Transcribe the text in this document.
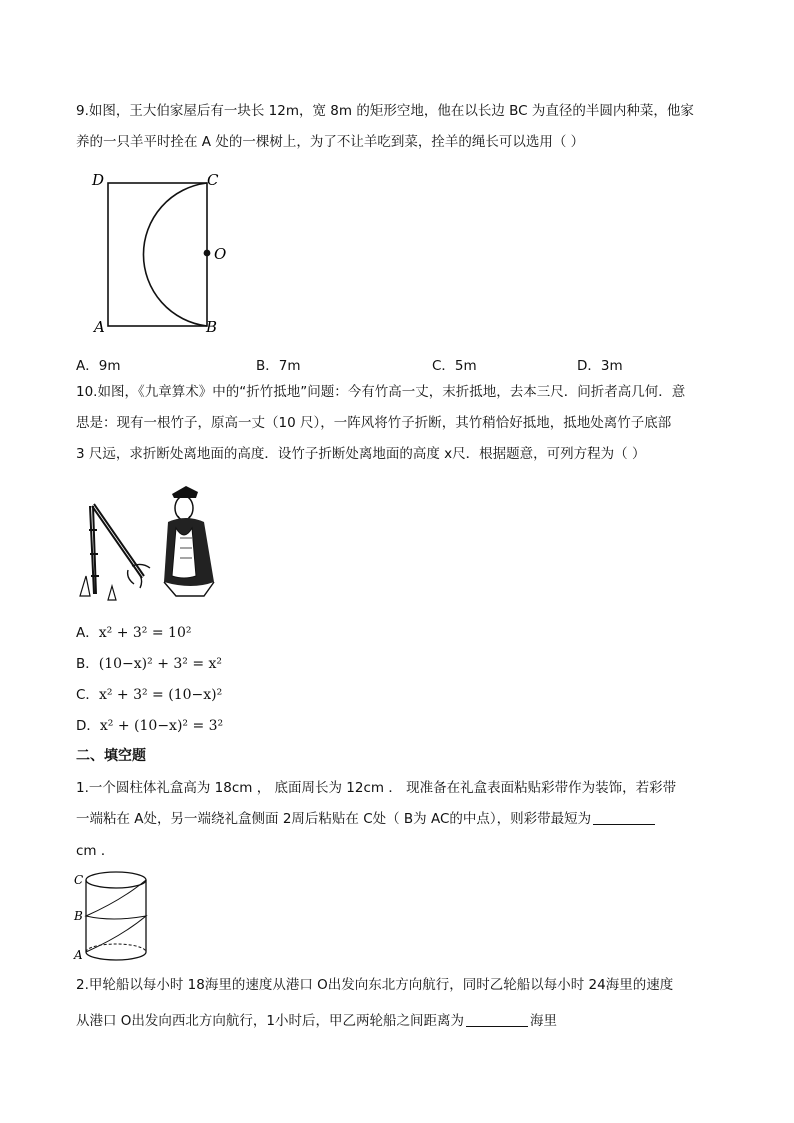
9.如图，王大伯家屋后有一块长 12m，宽 8m 的矩形空地，他在以长边 BC 为直径的半圆内种菜，他家
养的一只羊平时拴在 A 处的一棵树上，为了不让羊吃到菜，拴羊的绳长可以选用（ ）
D	C
O
A	B
A．9m	B．7m	C．5m	D．3m
10.如图，《九章算术》中的“折竹抵地”问题：今有竹高一丈，末折抵地，去本三尺．问折者高几何．意
思是：现有一根竹子，原高一丈（10 尺），一阵风将竹子折断，其竹稍恰好抵地，抵地处离竹子底部
3 尺远，求折断处离地面的高度．设竹子折断处离地面的高度 x尺．根据题意，可列方程为（ ）
A．x² + 3² = 10²
B．(10−x)² + 3² = x²
C．x² + 3² = (10−x)²
D．x² + (10−x)² = 3²
二、填空题
1.一个圆柱体礼盒高为 18cm ， 底面周长为 12cm ． 现准备在礼盒表面粘贴彩带作为装饰，若彩带
一端粘在 A处，另一端绕礼盒侧面 2周后粘贴在 C处（ B为 AC的中点），则彩带最短为
cm ．
C
B
A
2.甲轮船以每小时 18海里的速度从港口 O出发向东北方向航行，同时乙轮船以每小时 24海里的速度
从港口 O出发向西北方向航行，1小时后，甲乙两轮船之间距离为	海里
